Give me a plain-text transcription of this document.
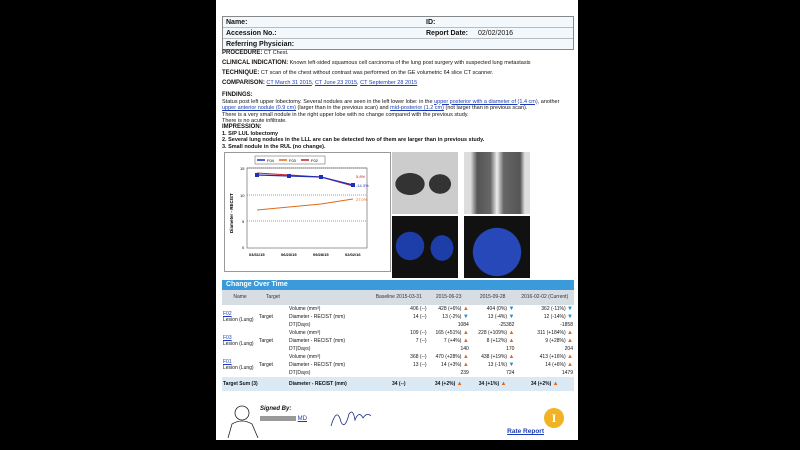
Name:	ID:
Accession No.:	Report Date:	02/02/2016
Referring Physician:
PROCEDURE: CT Chest.
CLINICAL INDICATION: Known left-sided squamous cell carcinoma of the lung post surgery with suspected lung metastasis
TECHNIQUE: CT scan of the chest without contrast was performed on the GE volumetric 64 slice CT scanner.
COMPARISON: CT March 31 2015, CT June 23 2015, CT September 28 2015
FINDINGS:
Status post left upper lobectomy. Several nodules are seen in the left lower lobe: in the upper posterior with a diameter of (1.4 cm), another upper anterior nodule (0.9 cm) (larger than in the previous scan) and mid-posterior (1.2 cm) (not larger than in previous scan).
There is a very small nodule in the right upper lobe with no change compared with the previous study.
There is no acute infiltrate.
IMPRESSION:
1. S/P LUL lobectomy
2. Several lung nodules in the LLL are can be detected two of them are larger than in previous study.
3. Small nodule in the RUL (no change).
F04	F03	F02
15
10
5
0
Diameter - RECIST
5.8%
-14.3%
27.0%
03/31/15	06/23/15	09/28/15	02/02/16
Change Over Time
Name	Target		Baseline 2015-03-31	2015-06-23	2015-09-28	2016-02-02 (Current)
F02
Lesion (Lung)	Target	Volume (mm³)	406 (--)	428 (+6%) ▲	404 (0%) ▼	362 (-11%) ▼
		Diameter - RECIST (mm)	14 (--)	13 (-2%) ▼	13 (-4%) ▼	12 (-14%) ▼
		DT(Days)		1084	-25382	-1858
F03
Lesion (Lung)	Target	Volume (mm³)	109 (--)	165 (+51%) ▲	228 (+109%) ▲	311 (+184%) ▲
		Diameter - RECIST (mm)	7 (--)	7 (+4%) ▲	8 (+12%) ▲	9 (+28%) ▲
		DT(Days)		140	170	204
F01
Lesion (Lung)	Target	Volume (mm³)	368 (--)	470 (+28%) ▲	438 (+19%) ▲	413 (+16%) ▲
		Diameter - RECIST (mm)	13 (--)	14 (+3%) ▲	13 (-1%) ▼	14 (+6%) ▲
		DT(Days)		239	724	1479
Target Sum (3)		Diameter - RECIST (mm)	34 (--)	34 (+2%) ▲	34 (+1%) ▲	34 (+2%) ▲
Signed By:
MD
Rate Report
I
